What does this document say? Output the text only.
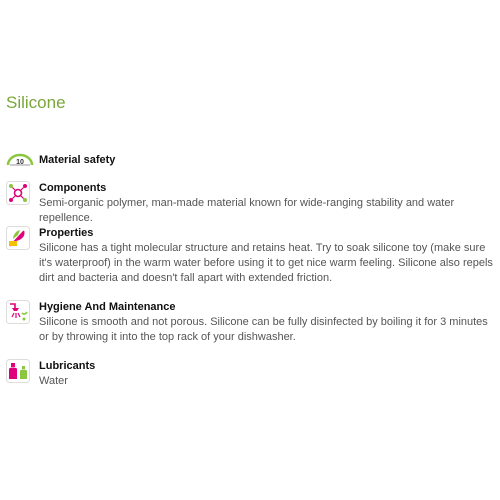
Silicone
10 Material safety
Components

Semi-organic polymer, man-made material known for wide-ranging stability and water repellence.

Properties

Silicone has a tight molecular structure and retains heat. Try to soak silicone toy (make sure it's waterproof) in the warm water before using it to get nice warm feeling. Silicone also repels dirt and bacteria and doesn't fall apart with extended friction.

Hygiene And Maintenance

Silicone is smooth and not porous. Silicone can be fully disinfected by boiling it for 3 minutes or by throwing it into the top rack of your dishwasher.

Lubricants

Water
